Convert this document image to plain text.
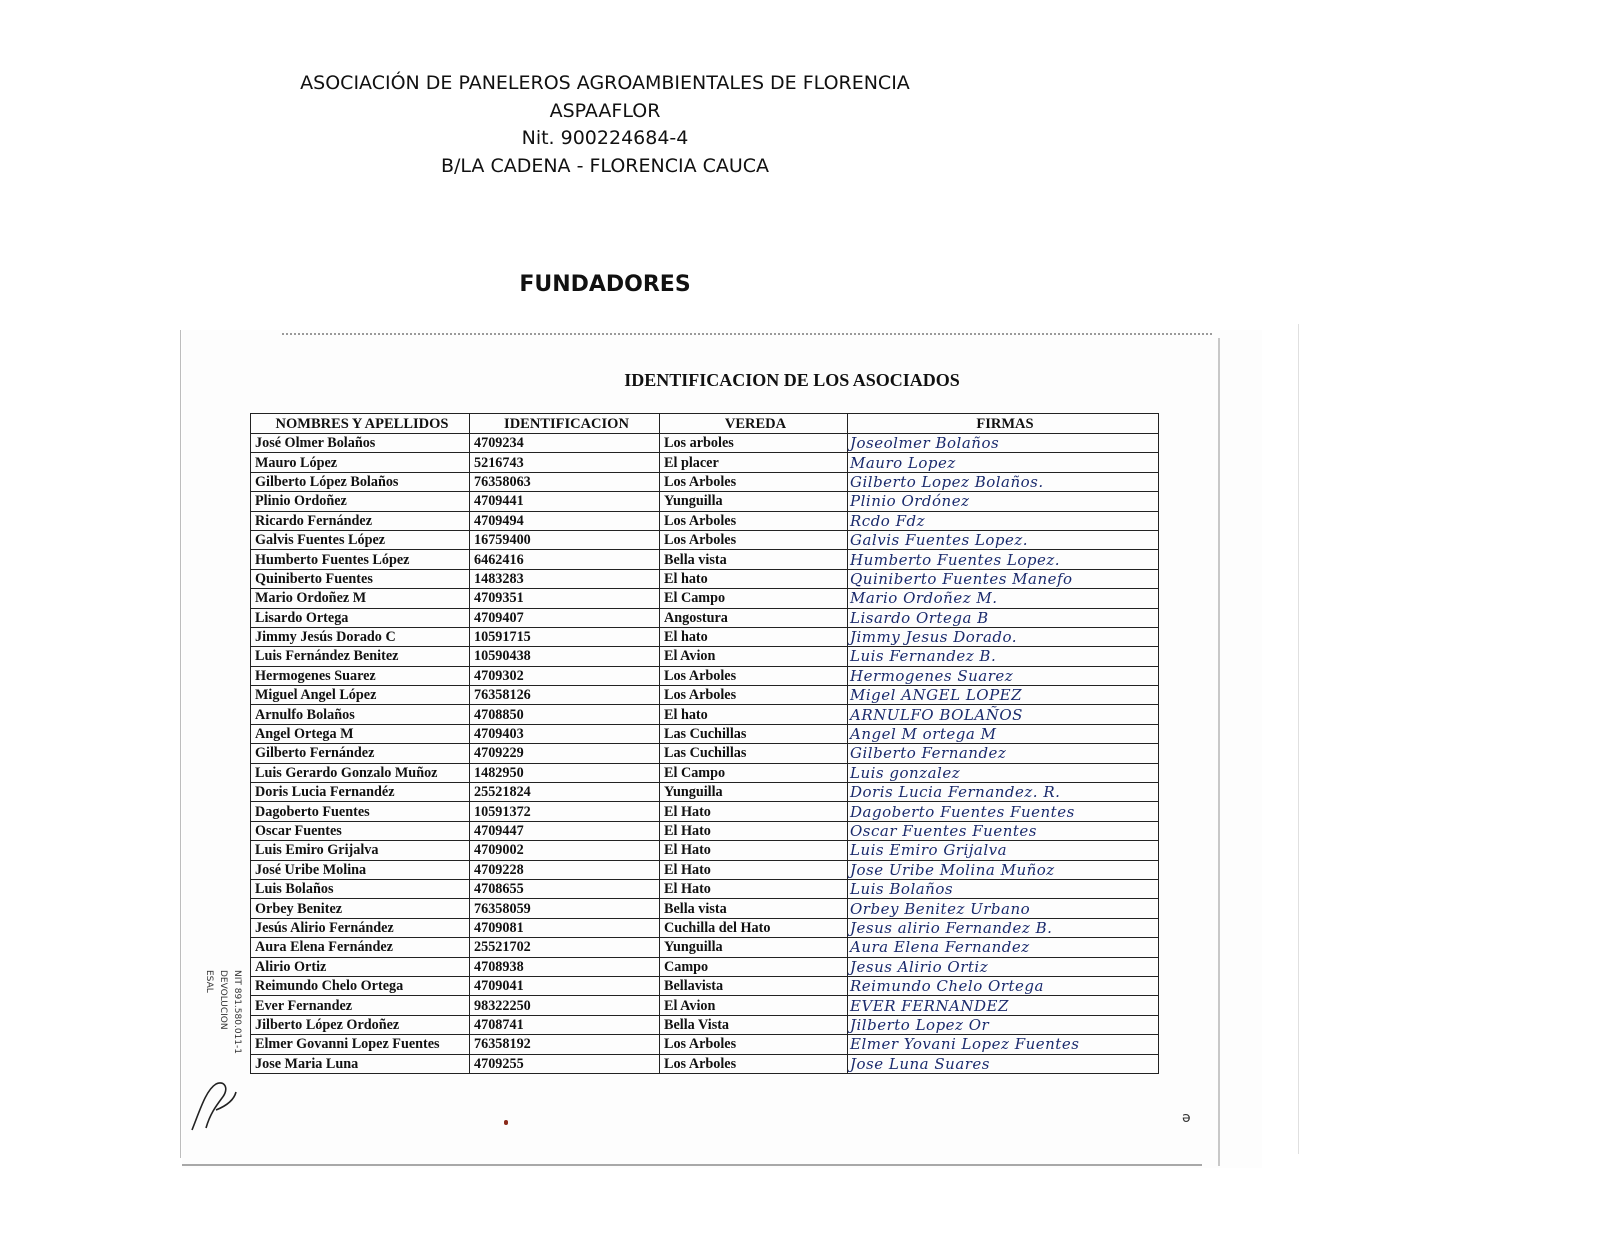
ASOCIACIÓN DE PANELEROS AGROAMBIENTALES DE FLORENCIA
ASPAAFLOR
Nit. 900224684-4
B/LA CADENA - FLORENCIA CAUCA
FUNDADORES
IDENTIFICACION DE LOS ASOCIADOS
NOMBRES Y APELLIDOS	IDENTIFICACION	VEREDA	FIRMAS
José Olmer Bolaños	4709234	Los arboles	Joseolmer Bolaños
Mauro López	5216743	El placer	Mauro Lopez
Gilberto López Bolaños	76358063	Los Arboles	Gilberto Lopez Bolaños.
Plinio Ordoñez	4709441	Yunguilla	Plinio Ordónez
Ricardo Fernández	4709494	Los Arboles	Rcdo Fdz
Galvis Fuentes López	16759400	Los Arboles	Galvis Fuentes Lopez.
Humberto Fuentes López	6462416	Bella vista	Humberto Fuentes Lopez.
Quiniberto Fuentes	1483283	El hato	Quiniberto Fuentes Manefo
Mario Ordoñez M	4709351	El Campo	Mario Ordoñez M.
Lisardo Ortega	4709407	Angostura	Lisardo Ortega B
Jimmy Jesús Dorado C	10591715	El hato	Jimmy Jesus Dorado.
Luis Fernández Benitez	10590438	El Avion	Luis Fernandez B.
Hermogenes Suarez	4709302	Los Arboles	Hermogenes Suarez
Miguel Angel López	76358126	Los Arboles	Migel ANGEL LOPEZ
Arnulfo Bolaños	4708850	El hato	ARNULFO BOLAÑOS
Angel Ortega M	4709403	Las Cuchillas	Angel M ortega M
Gilberto Fernández	4709229	Las Cuchillas	Gilberto Fernandez
Luis Gerardo Gonzalo Muñoz	1482950	El Campo	Luis gonzalez
Doris Lucia Fernandéz	25521824	Yunguilla	Doris Lucia Fernandez. R.
Dagoberto Fuentes	10591372	El Hato	Dagoberto Fuentes Fuentes
Oscar Fuentes	4709447	El Hato	Oscar Fuentes Fuentes
Luis Emiro Grijalva	4709002	El Hato	Luis Emiro Grijalva
José Uribe Molina	4709228	El Hato	Jose Uribe Molina Muñoz
Luis Bolaños	4708655	El Hato	Luis Bolaños
Orbey Benitez	76358059	Bella vista	Orbey Benitez Urbano
Jesús Alirio Fernández	4709081	Cuchilla del Hato	Jesus alirio Fernandez B.
Aura Elena Fernández	25521702	Yunguilla	Aura Elena Fernandez
Alirio Ortiz	4708938	Campo	Jesus Alirio Ortiz
Reimundo Chelo Ortega	4709041	Bellavista	Reimundo Chelo Ortega
Ever Fernandez	98322250	El Avion	EVER FERNANDEZ
Jilberto López Ordoñez	4708741	Bella Vista	Jilberto Lopez Or
Elmer Govanni Lopez Fuentes	76358192	Los Arboles	Elmer Yovani Lopez Fuentes
Jose Maria Luna	4709255	Los Arboles	Jose Luna Suares
ESAL DEVOLUCION NIT 891.580.011-1
ə
